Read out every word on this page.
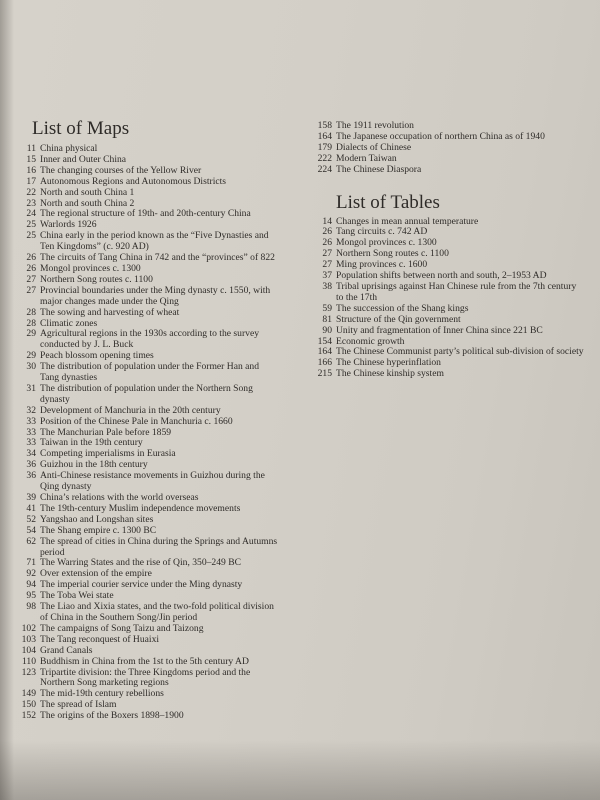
List of Maps
11 China physical
15 Inner and Outer China
16 The changing courses of the Yellow River
17 Autonomous Regions and Autonomous Districts
22 North and south China 1
23 North and south China 2
24 The regional structure of 19th- and 20th-century China
25 Warlords 1926
25 China early in the period known as the “Five Dynasties and Ten Kingdoms” (c. 920 AD)
26 The circuits of Tang China in 742 and the “provinces” of 822
26 Mongol provinces c. 1300
27 Northern Song routes c. 1100
27 Provincial boundaries under the Ming dynasty c. 1550, with major changes made under the Qing
28 The sowing and harvesting of wheat
28 Climatic zones
29 Agricultural regions in the 1930s according to the survey conducted by J. L. Buck
29 Peach blossom opening times
30 The distribution of population under the Former Han and Tang dynasties
31 The distribution of population under the Northern Song dynasty
32 Development of Manchuria in the 20th century
33 Position of the Chinese Pale in Manchuria c. 1660
33 The Manchurian Pale before 1859
33 Taiwan in the 19th century
34 Competing imperialisms in Eurasia
36 Guizhou in the 18th century
36 Anti-Chinese resistance movements in Guizhou during the Qing dynasty
39 China’s relations with the world overseas
41 The 19th-century Muslim independence movements
52 Yangshao and Longshan sites
54 The Shang empire c. 1300 BC
62 The spread of cities in China during the Springs and Autumns period
71 The Warring States and the rise of Qin, 350–249 BC
92 Over extension of the empire
94 The imperial courier service under the Ming dynasty
95 The Toba Wei state
98 The Liao and Xixia states, and the two-fold political division of China in the Southern Song/Jin period
102 The campaigns of Song Taizu and Taizong
103 The Tang reconquest of Huaixi
104 Grand Canals
110 Buddhism in China from the 1st to the 5th century AD
123 Tripartite division: the Three Kingdoms period and the Northern Song marketing regions
149 The mid-19th century rebellions
150 The spread of Islam
152 The origins of the Boxers 1898–1900
158 The 1911 revolution
164 The Japanese occupation of northern China as of 1940
179 Dialects of Chinese
222 Modern Taiwan
224 The Chinese Diaspora
List of Tables
14 Changes in mean annual temperature
26 Tang circuits c. 742 AD
26 Mongol provinces c. 1300
27 Northern Song routes c. 1100
27 Ming provinces c. 1600
37 Population shifts between north and south, 2–1953 AD
38 Tribal uprisings against Han Chinese rule from the 7th century to the 17th
59 The succession of the Shang kings
81 Structure of the Qin government
90 Unity and fragmentation of Inner China since 221 BC
154 Economic growth
164 The Chinese Communist party’s political sub-division of society
166 The Chinese hyperinflation
215 The Chinese kinship system
